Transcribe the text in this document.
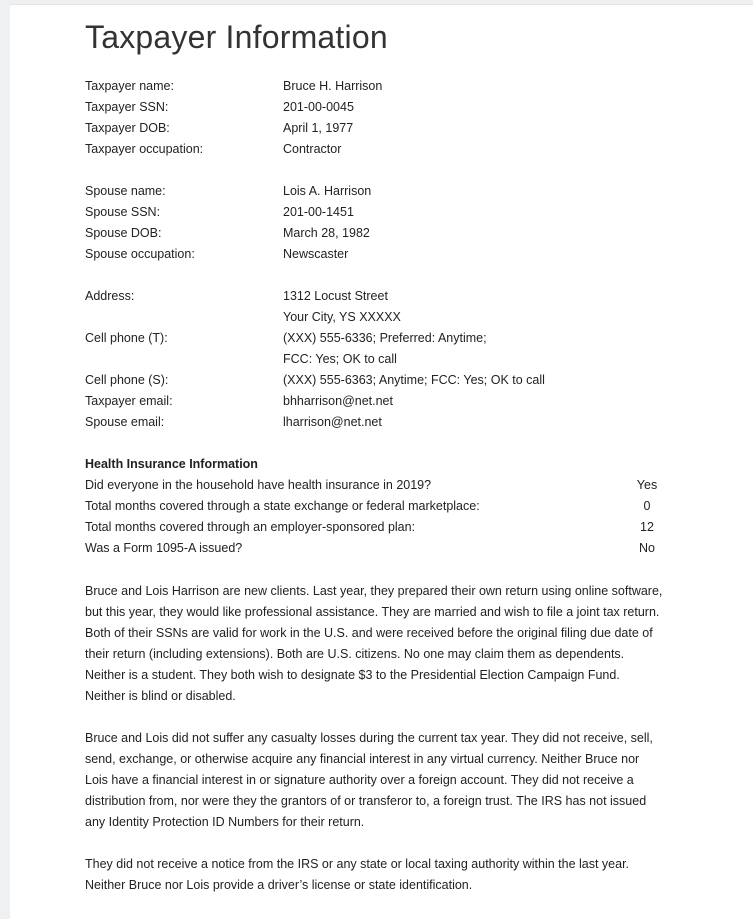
Taxpayer Information
Taxpayer name:	Bruce H. Harrison
Taxpayer SSN:	201-00-0045
Taxpayer DOB:	April 1, 1977
Taxpayer occupation:	Contractor
Spouse name:	Lois A. Harrison
Spouse SSN:	201-00-1451
Spouse DOB:	March 28, 1982
Spouse occupation:	Newscaster
Address:	1312 Locust Street
Your City, YS XXXXX
Cell phone (T):	(XXX) 555-6336; Preferred: Anytime;
FCC: Yes; OK to call
Cell phone (S):	(XXX) 555-6363; Anytime; FCC: Yes; OK to call
Taxpayer email:	bhharrison@net.net
Spouse email:	lharrison@net.net
Health Insurance Information
Did everyone in the household have health insurance in 2019?	Yes
Total months covered through a state exchange or federal marketplace:	0
Total months covered through an employer-sponsored plan:	12
Was a Form 1095-A issued?	No

Bruce and Lois Harrison are new clients. Last year, they prepared their own return using online software,
but this year, they would like professional assistance. They are married and wish to file a joint tax return.
Both of their SSNs are valid for work in the U.S. and were received before the original filing due date of
their return (including extensions). Both are U.S. citizens. No one may claim them as dependents.
Neither is a student. They both wish to designate $3 to the Presidential Election Campaign Fund.
Neither is blind or disabled.

Bruce and Lois did not suffer any casualty losses during the current tax year. They did not receive, sell,
send, exchange, or otherwise acquire any financial interest in any virtual currency. Neither Bruce nor
Lois have a financial interest in or signature authority over a foreign account. They did not receive a
distribution from, nor were they the grantors of or transferor to, a foreign trust. The IRS has not issued
any Identity Protection ID Numbers for their return.

They did not receive a notice from the IRS or any state or local taxing authority within the last year.
Neither Bruce nor Lois provide a driver’s license or state identification.
